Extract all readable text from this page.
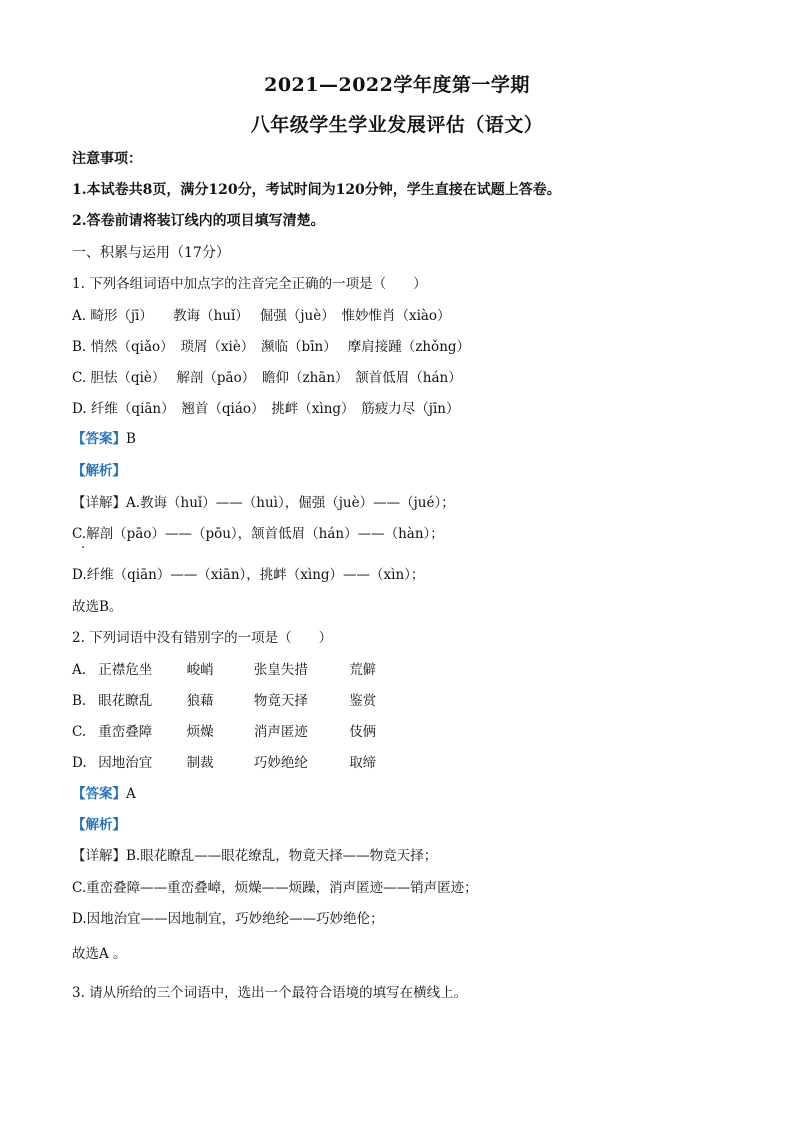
2021—2022学年度第一学期
八年级学生学业发展评估（语文）
注意事项：
1.本试卷共8页，满分120分，考试时间为120分钟，学生直接在试题上答卷。
2.答卷前请将装订线内的项目填写清楚。
一、积累与运用（17分）
1. 下列各组词语中加点字的注音完全正确的一项是（　　）
A. 畸形（jī）　　教诲（huǐ）　 倔强（juè）　惟妙惟肖（xiào）
B. 悄然（qiǎo）　琐屑（xiè）　濒临（bīn）　 摩肩接踵（zhǒng）
C. 胆怯（qiè）　 解剖（pāo）　瞻仰（zhān）　颔首低眉（hán）
D. 纤维（qiān）　翘首（qiáo）　挑衅（xìng）　筋疲力尽（jīn）
【答案】B
【解析】
【详解】A.教诲（huǐ）——（huì），倔强（juè）——（jué）；
C.解剖（pāo）——（pōu），颔首低眉（hán）——（hàn）；
D.纤维（qiān）——（xiān），挑衅（xìng）——（xìn）；
故选B。
2. 下列词语中没有错别字的一项是（　　）
A. 正襟危坐	峻峭	张皇失措	荒僻
B. 眼花瞭乱	狼藉	物竟天择	鉴赏
C. 重峦叠障	烦燥	消声匿迹	伎俩
D. 因地治宜	制裁	巧妙绝纶	取缔
【答案】A
【解析】
【详解】B.眼花瞭乱——眼花缭乱，物竟天择——物竞天择；
C.重峦叠障——重峦叠嶂，烦燥——烦躁，消声匿迹——销声匿迹；
D.因地治宜——因地制宜，巧妙绝纶——巧妙绝伦；
故选A 。
3. 请从所给的三个词语中，选出一个最符合语境的填写在横线上。
